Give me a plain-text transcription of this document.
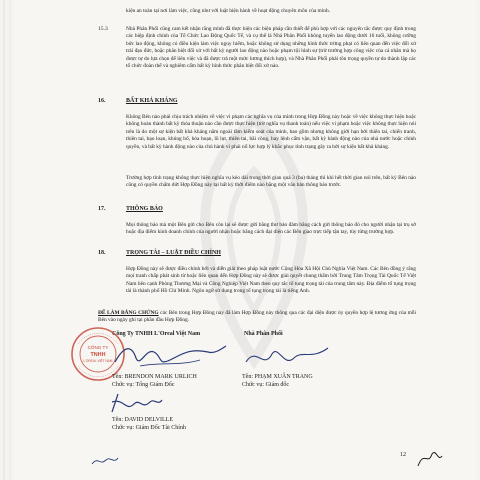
kiện an toàn tại nơi làm việc, cũng như với luật hiện hành về hoạt động chuyên môn của mình.
15.3	Nhà Phân Phối cũng cam kết nhận rằng mình đã thực hiện các biện pháp cần thiết để phù hợp với các nguyên tắc được quy định trong các hiệp định chính của Tổ Chức Lao Động Quốc Tế, và cụ thể là Nhà Phân Phối không tuyển lao động dưới 16 tuổi, không cưỡng bức lao động, không có điều kiện làm việc nguy hiểm, hoặc không sử dụng những hình thức trừng phạt có liên quan đến việc đối xử trái đạo đức, hoặc phân biệt đối xử với bất kỳ người lao động nào hoặc phạm tội hình sự (trừ trường hợp công việc của cá nhân mà họ được tự do lựa chọn để liên việc và đã được trả một mức lương thích hợp), và Nhà Phân Phối phải tôn trọng quyền tự do thành lập các tổ chức đoàn thể và nghiêm cấm bất kỳ hình thức phân biệt đối xử nào.
16.	BẤT KHẢ KHÁNG
Không Bên nào phải chịu trách nhiệm về việc vi phạm các nghĩa vụ của mình trong Hợp Đồng này hoặc về việc không thực hiện hoặc không hoàn thành bất kỳ thỏa thuận nào cần được thực hiện (trừ nghĩa vụ thanh toán) nếu việc vi phạm hoặc việc không thực hiện nói trên là do một sự kiện bất khả kháng nằm ngoài tầm kiểm soát của mình, bao gồm nhưng không giới hạn bởi thiên tai, chiến tranh, thiên tai, bạo loạn, khủng bố, hỏa hoạn, lũ lụt, thiên tai, bãi công, hay lệnh cấm vận, bất kỳ hành động nào của nhà nước hoặc chính quyền, và bất kỳ hành động nào của chủ hành vi phái nổ lực hợp lý khắc phục tình trạng gây ra bởi sự kiện bất khả kháng.
Trường hợp tình trạng không thực hiện nghĩa vụ kéo dài trong thời gian quá 3 (ba) tháng thì khi hết thời gian nói trên, bất kỳ Bên nào cũng có quyền chấm dứt Hợp Đồng này tại bất kỳ thời điểm nào bằng một văn bản thông báo trước.
17.	THÔNG BÁO
Mọi thông báo mà một Bên gửi cho Bên còn lại sẽ được gửi bằng thư bảo đảm bằng cách gửi thông báo đó cho người nhận tại trụ sở hoặc địa điểm kinh doanh chính của người nhận hoặc bằng cách đại diện các Bên giao trực tiếp tận tay, tùy từng trường hợp.
18.	TRỌNG TÀI – LUẬT ĐIỀU CHỈNH
Hợp Đồng này sẽ được điều chỉnh bởi và diễn giải theo pháp luật nước Cộng Hòa Xã Hội Chủ Nghĩa Việt Nam. Các Bên đồng ý rằng mọi tranh chấp phát sinh từ hoặc liên quan đến Hợp Đồng này sẽ được giải quyết chung thẩm bởi Trung Tâm Trọng Tài Quốc Tế Việt Nam bên cạnh Phòng Thương Mại và Công Nghiệp Việt Nam theo quy tắc tố tụng trọng tài của trung tâm này. Địa điểm tố tụng trọng tài là thành phố Hồ Chí Minh. Ngôn ngữ sử dụng trong tố tụng trọng tài là tiếng Anh.
ĐỂ LÀM BẰNG CHỨNG các Bên trong Hợp Đồng này đã làm Hợp Đồng này thông qua các đại diện được ủy quyền hợp lệ tương ứng của mỗi Bên vào ngày ghi tại phần đầu Hợp Đồng.
Công Ty TNHH L'Oreal Việt Nam	Nhà Phân Phối
CÔNG TY
TNHH
L'OREAL VIỆT NAM
Tên: BRENDON MARK URLICH
Chức vụ: Tổng Giám Đốc
Tên: PHẠM XUÂN TRANG
Chức vụ: Giám đốc
Tên: DAVID DELVILLE
Chức vụ: Giám Đốc Tài Chính
12
